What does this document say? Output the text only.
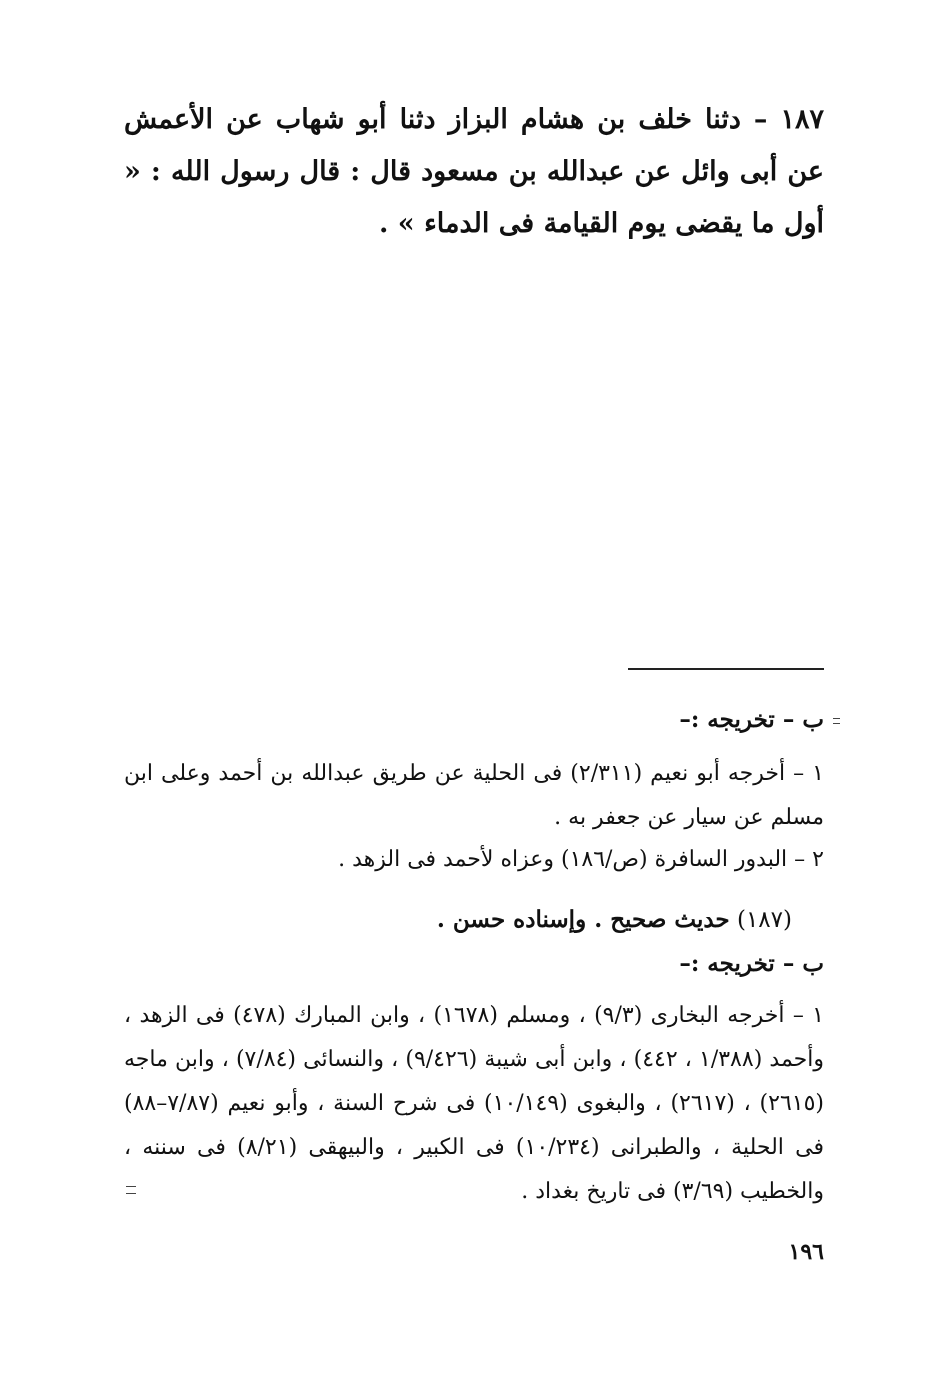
١٨٧ – دثنا خلف بن هشام البزاز دثنا أبو شهاب عن الأعمش عن أبى وائل عن عبدالله بن مسعود قال : قال رسول الله : « أول ما يقضى يوم القيامة فى الدماء » .
ب – تخريجه :–
١ – أخرجه أبو نعيم (٢/٣١١) فى الحلية عن طريق عبدالله بن أحمد وعلى ابن مسلم عن سيار عن جعفر به .
٢ – البدور السافرة (ص/١٨٦) وعزاه لأحمد فى الزهد .
(١٨٧) حديث صحيح . وإسناده حسن .
ب – تخريجه :–
١ – أخرجه البخارى (٩/٣) ، ومسلم (١٦٧٨) ، وابن المبارك (٤٧٨) فى الزهد ، وأحمد (١/٣٨٨ ، ٤٤٢) ، وابن أبى شيبة (٩/٤٢٦) ، والنسائى (٧/٨٤) ، وابن ماجه (٢٦١٥) ، (٢٦١٧) ، والبغوى (١٠/١٤٩) فى شرح السنة ، وأبو نعيم (٧/٨٧–٨٨) فى الحلية ، والطبرانى (١٠/٢٣٤) فى الكبير ، والبيهقى (٨/٢١) فى سننه ، والخطيب (٣/٦٩) فى تاريخ بغداد .
١٩٦
